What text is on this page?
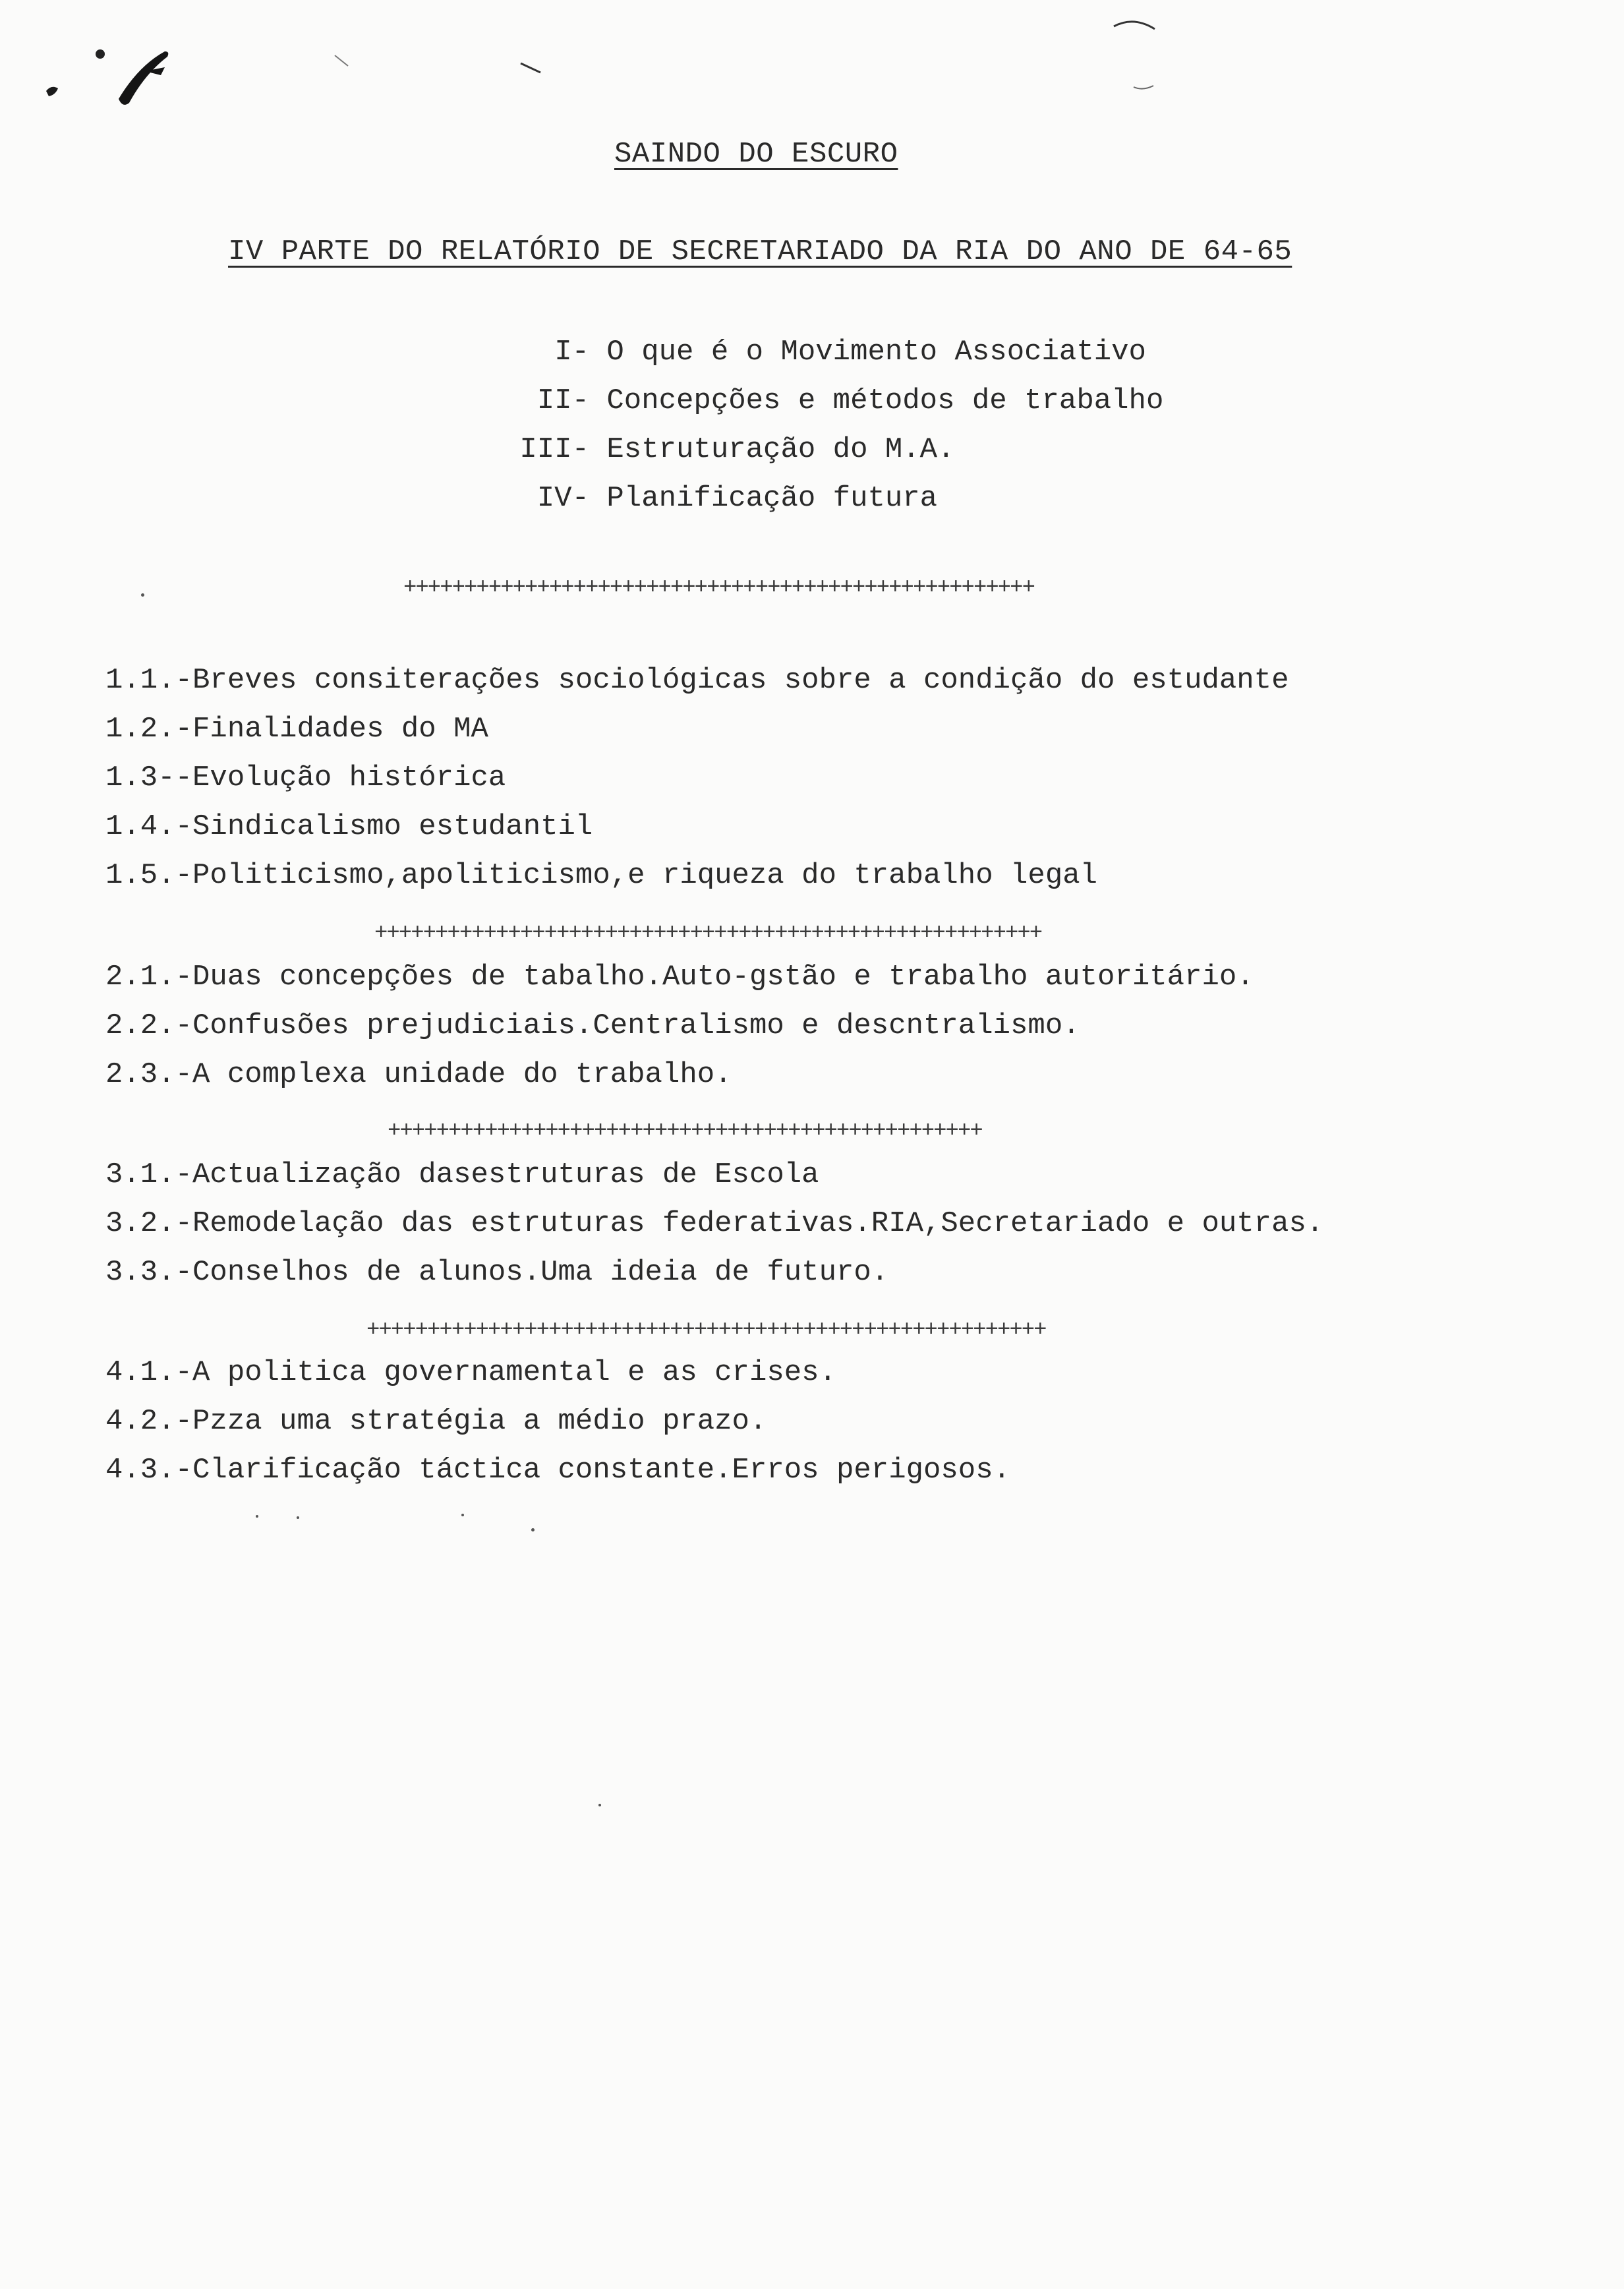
SAINDO DO ESCURO
IV PARTE DO RELATÓRIO DE SECRETARIADO DA RIA DO ANO DE 64-65
I- O que é o Movimento Associativo
II- Concepções e métodos de trabalho
III- Estruturação do M.A.
IV- Planificação futura
++++++++++++++++++++++++++++++++++++++++++++++++++++
1.1.-Breves consiterações sociológicas sobre a condição do estudante
1.2.-Finalidades do MA
1.3--Evolução histórica
1.4.-Sindicalismo estudantil
1.5.-Politicismo,apoliticismo,e riqueza do trabalho legal
+++++++++++++++++++++++++++++++++++++++++++++++++++++++
2.1.-Duas concepções de tabalho.Auto-gstão e trabalho autoritário.
2.2.-Confusões prejudiciais.Centralismo e descntralismo.
2.3.-A complexa unidade do trabalho.
+++++++++++++++++++++++++++++++++++++++++++++++++
3.1.-Actualização dasestruturas de Escola
3.2.-Remodelação das estruturas federativas.RIA,Secretariado e outras.
3.3.-Conselhos de alunos.Uma ideia de futuro.
++++++++++++++++++++++++++++++++++++++++++++++++++++++++
4.1.-A politica governamental e as crises.
4.2.-Pzza uma stratégia a médio prazo.
4.3.-Clarificação táctica constante.Erros perigosos.
